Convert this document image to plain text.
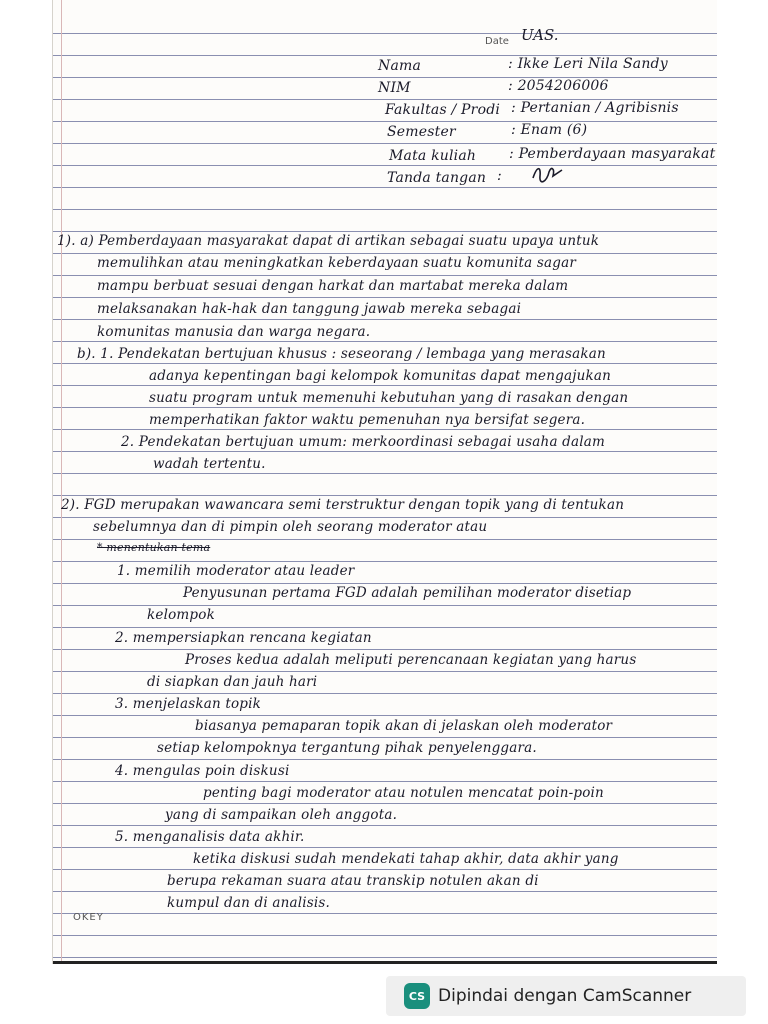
Date UAS.
Nama	: Ikke Leri Nila Sandy
NIM	: 2054206006
Fakultas / Prodi : Pertanian / Agribisnis
Semester	: Enam (6)
Mata kuliah : Pemberdayaan masyarakat
Tanda tangan :
1). a) Pemberdayaan masyarakat dapat di artikan sebagai suatu upaya untuk
memulihkan atau meningkatkan keberdayaan suatu komunita sagar
mampu berbuat sesuai dengan harkat dan martabat mereka dalam
melaksanakan hak-hak dan tanggung jawab mereka sebagai
komunitas manusia dan warga negara.
b). 1. Pendekatan bertujuan khusus : seseorang / lembaga yang merasakan
adanya kepentingan bagi kelompok komunitas dapat mengajukan
suatu program untuk memenuhi kebutuhan yang di rasakan dengan
memperhatikan faktor waktu pemenuhan nya bersifat segera.
2. Pendekatan bertujuan umum: merkoordinasi sebagai usaha dalam
wadah tertentu.
2). FGD merupakan wawancara semi terstruktur dengan topik yang di tentukan
sebelumnya dan di pimpin oleh seorang moderator atau
* menentukan tema
1. memilih moderator atau leader
Penyusunan pertama FGD adalah pemilihan moderator disetiap
kelompok
2. mempersiapkan rencana kegiatan
Proses kedua adalah meliputi perencanaan kegiatan yang harus
di siapkan dan jauh hari
3. menjelaskan topik
biasanya pemaparan topik akan di jelaskan oleh moderator
setiap kelompoknya tergantung pihak penyelenggara.
4. mengulas poin diskusi
penting bagi moderator atau notulen mencatat poin-poin
yang di sampaikan oleh anggota.
5. menganalisis data akhir.
ketika diskusi sudah mendekati tahap akhir, data akhir yang
berupa rekaman suara atau transkip notulen akan di
kumpul dan di analisis.
OKEY
CS Dipindai dengan CamScanner
